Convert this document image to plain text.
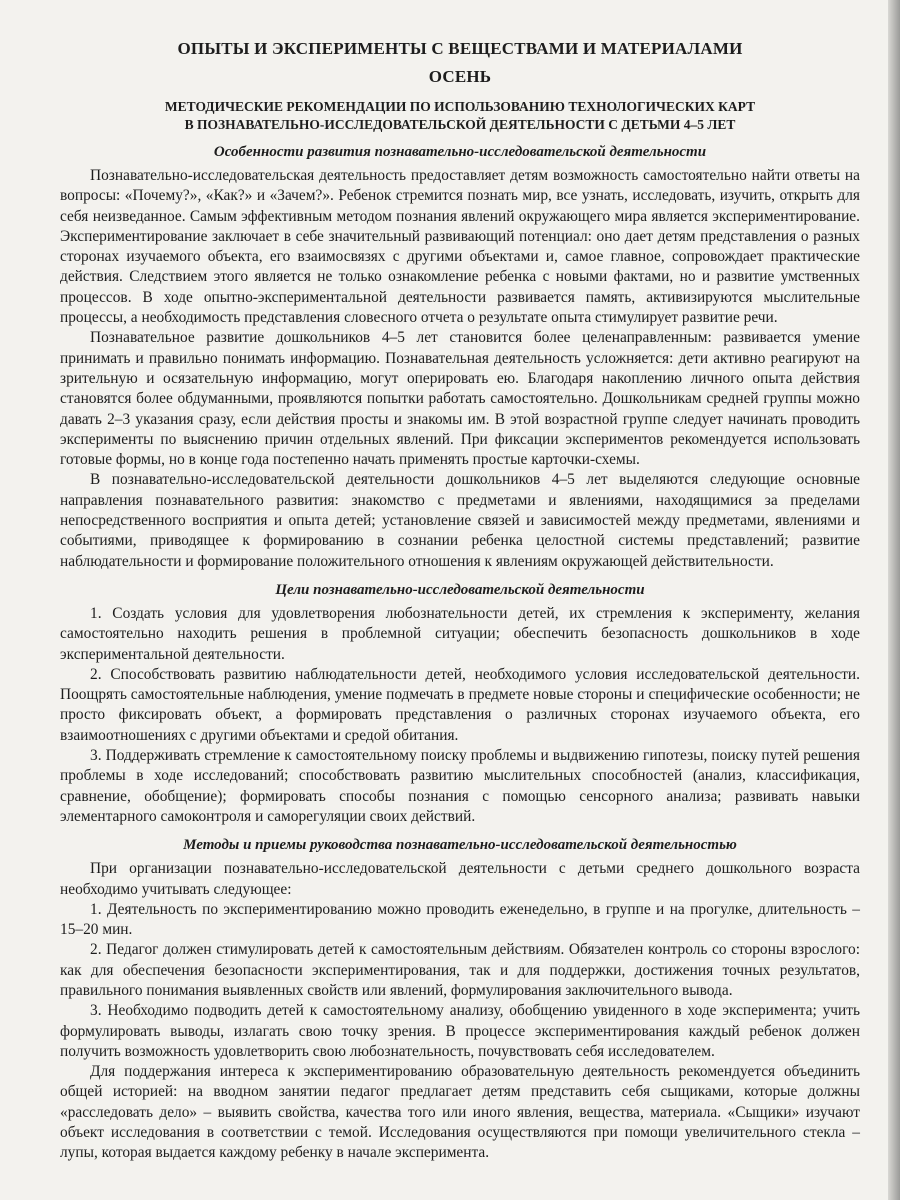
ОПЫТЫ И ЭКСПЕРИМЕНТЫ С ВЕЩЕСТВАМИ И МАТЕРИАЛАМИ
ОСЕНЬ
МЕТОДИЧЕСКИЕ РЕКОМЕНДАЦИИ ПО ИСПОЛЬЗОВАНИЮ ТЕХНОЛОГИЧЕСКИХ КАРТ
В ПОЗНАВАТЕЛЬНО-ИССЛЕДОВАТЕЛЬСКОЙ ДЕЯТЕЛЬНОСТИ С ДЕТЬМИ 4–5 ЛЕТ
Особенности развития познавательно-исследовательской деятельности

Познавательно-исследовательская деятельность предоставляет детям возможность самостоятельно найти ответы на вопросы: «Почему?», «Как?» и «Зачем?». Ребенок стремится познать мир, все узнать, исследовать, изучить, открыть для себя неизведанное. Самым эффективным методом познания явлений окружающего мира является экспериментирование. Экспериментирование заключает в себе значительный развивающий потенциал: оно дает детям представления о разных сторонах изучаемого объекта, его взаимосвязях с другими объектами и, самое главное, сопровождает практические действия. Следствием этого является не только ознакомление ребенка с новыми фактами, но и развитие умственных процессов. В ходе опытно-экспериментальной деятельности развивается память, активизируются мыслительные процессы, а необходимость представления словесного отчета о результате опыта стимулирует развитие речи.

Познавательное развитие дошкольников 4–5 лет становится более целенаправленным: развивается умение принимать и правильно понимать информацию. Познавательная деятельность усложняется: дети активно реагируют на зрительную и осязательную информацию, могут оперировать ею. Благодаря накоплению личного опыта действия становятся более обдуманными, проявляются попытки работать самостоятельно. Дошкольникам средней группы можно давать 2–3 указания сразу, если действия просты и знакомы им. В этой возрастной группе следует начинать проводить эксперименты по выяснению причин отдельных явлений. При фиксации экспериментов рекомендуется использовать готовые формы, но в конце года постепенно начать применять простые карточки-схемы.

В познавательно-исследовательской деятельности дошкольников 4–5 лет выделяются следующие основные направления познавательного развития: знакомство с предметами и явлениями, находящимися за пределами непосредственного восприятия и опыта детей; установление связей и зависимостей между предметами, явлениями и событиями, приводящее к формированию в сознании ребенка целостной системы представлений; развитие наблюдательности и формирование положительного отношения к явлениям окружающей действительности.

Цели познавательно-исследовательской деятельности

1. Создать условия для удовлетворения любознательности детей, их стремления к эксперименту, желания самостоятельно находить решения в проблемной ситуации; обеспечить безопасность дошкольников в ходе экспериментальной деятельности.

2. Способствовать развитию наблюдательности детей, необходимого условия исследовательской деятельности. Поощрять самостоятельные наблюдения, умение подмечать в предмете новые стороны и специфические особенности; не просто фиксировать объект, а формировать представления о различных сторонах изучаемого объекта, его взаимоотношениях с другими объектами и средой обитания.

3. Поддерживать стремление к самостоятельному поиску проблемы и выдвижению гипотезы, поиску путей решения проблемы в ходе исследований; способствовать развитию мыслительных способностей (анализ, классификация, сравнение, обобщение); формировать способы познания с помощью сенсорного анализа; развивать навыки элементарного самоконтроля и саморегуляции своих действий.

Методы и приемы руководства познавательно-исследовательской деятельностью

При организации познавательно-исследовательской деятельности с детьми среднего дошкольного возраста необходимо учитывать следующее:

1. Деятельность по экспериментированию можно проводить еженедельно, в группе и на прогулке, длительность – 15–20 мин.

2. Педагог должен стимулировать детей к самостоятельным действиям. Обязателен контроль со стороны взрослого: как для обеспечения безопасности экспериментирования, так и для поддержки, достижения точных результатов, правильного понимания выявленных свойств или явлений, формулирования заключительного вывода.

3. Необходимо подводить детей к самостоятельному анализу, обобщению увиденного в ходе эксперимента; учить формулировать выводы, излагать свою точку зрения. В процессе экспериментирования каждый ребенок должен получить возможность удовлетворить свою любознательность, почувствовать себя исследователем.

Для поддержания интереса к экспериментированию образовательную деятельность рекомендуется объединить общей историей: на вводном занятии педагог предлагает детям представить себя сыщиками, которые должны «расследовать дело» – выявить свойства, качества того или иного явления, вещества, материала. «Сыщики» изучают объект исследования в соответствии с темой. Исследования осуществляются при помощи увеличительного стекла – лупы, которая выдается каждому ребенку в начале эксперимента.
